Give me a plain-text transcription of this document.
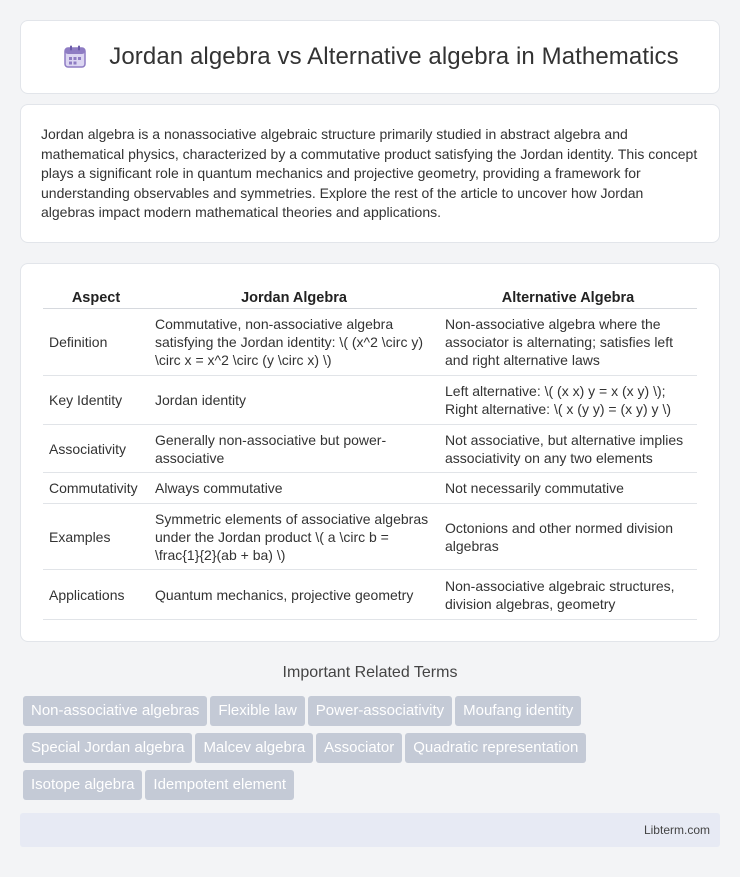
Jordan algebra vs Alternative algebra in Mathematics

Jordan algebra is a nonassociative algebraic structure primarily studied in abstract algebra and mathematical physics, characterized by a commutative product satisfying the Jordan identity. This concept plays a significant role in quantum mechanics and projective geometry, providing a framework for understanding observables and symmetries. Explore the rest of the article to uncover how Jordan algebras impact modern mathematical theories and applications.

Aspect	Jordan Algebra	Alternative Algebra
Definition	Commutative, non-associative algebra satisfying the Jordan identity: \( (x^2 \circ y) \circ x = x^2 \circ (y \circ x) \)	Non-associative algebra where the associator is alternating; satisfies left and right alternative laws
Key Identity	Jordan identity	Left alternative: \( (x x) y = x (x y) \); Right alternative: \( x (y y) = (x y) y \)
Associativity	Generally non-associative but power-associative	Not associative, but alternative implies associativity on any two elements
Commutativity	Always commutative	Not necessarily commutative
Examples	Symmetric elements of associative algebras under the Jordan product \( a \circ b = \frac{1}{2}(ab + ba) \)	Octonions and other normed division algebras
Applications	Quantum mechanics, projective geometry	Non-associative algebraic structures, division algebras, geometry
Important Related Terms
Non-associative algebras Flexible law Power-associativity Moufang identity
Special Jordan algebra Malcev algebra Associator Quadratic representation
Isotope algebra Idempotent element
Libterm.com
